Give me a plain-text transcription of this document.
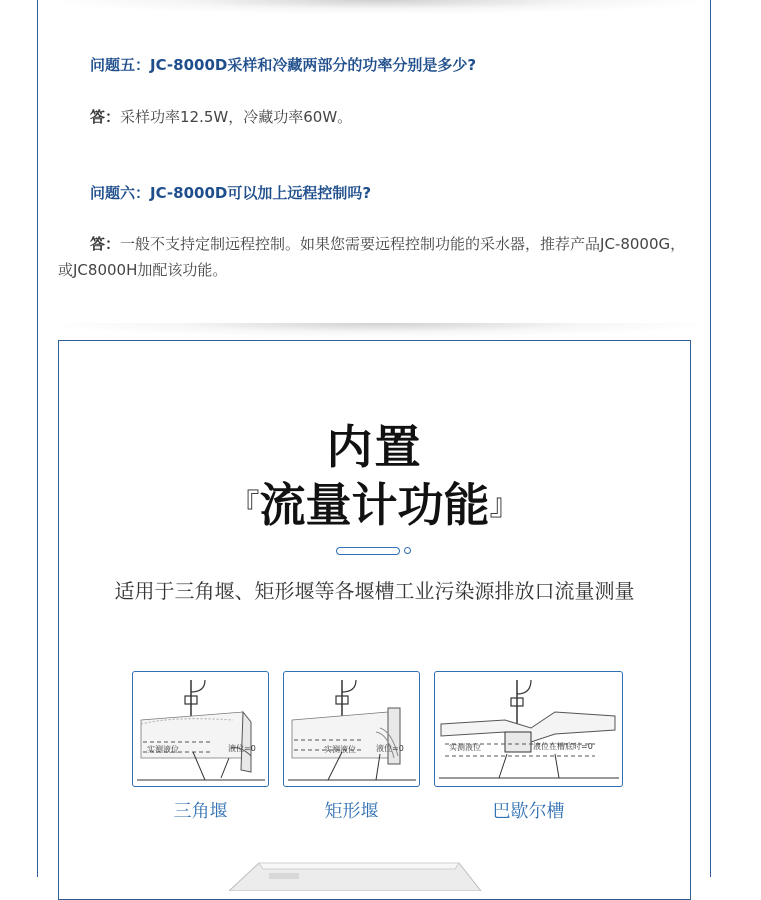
问题五：JC-8000D采样和冷藏两部分的功率分别是多少?
答：采样功率12.5W，冷藏功率60W。
问题六：JC-8000D可以加上远程控制吗?
答：一般不支持定制远程控制。如果您需要远程控制功能的采水器，推荐产品JC-8000G，或JC8000H加配该功能。
内置
『流量计功能』
适用于三角堰、矩形堰等各堰槽工业污染源排放口流量测量
实测液位	液位=0	实测液位	液位=0	实测液位	液位在槽底时=0
三角堰	矩形堰	巴歇尔槽
